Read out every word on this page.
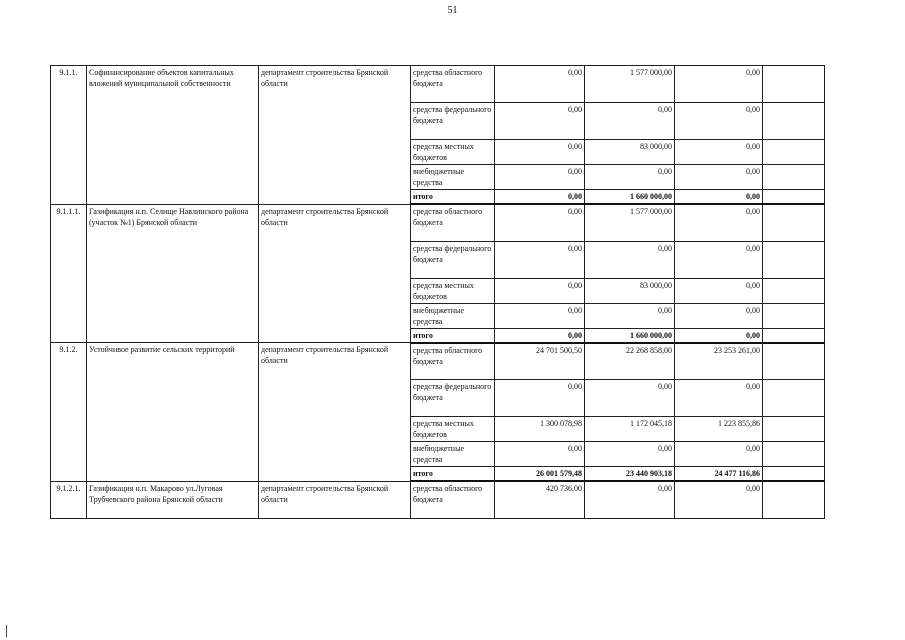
51
9.1.1.	Софинансирование объектов капитальных вложений муниципальной собственности	департамент строительства Брянской области	средства областного бюджета	0,00	1 577 000,00	0,00	
			средства федерального бюджета	0,00	0,00	0,00	
			средства местных бюджетов	0,00	83 000,00	0,00	
			внебюджетные средства	0,00	0,00	0,00	
			итого	0,00	1 660 000,00	0,00	
9.1.1.1.	Газификация н.п. Селище Навлинского района (участок №1) Брянской области	департамент строительства Брянской области	средства областного бюджета	0,00	1 577 000,00	0,00	
			средства федерального бюджета	0,00	0,00	0,00	
			средства местных бюджетов	0,00	83 000,00	0,00	
			внебюджетные средства	0,00	0,00	0,00	
			итого	0,00	1 660 000,00	0,00	
9.1.2.	Устойчивое развитие сельских территорий	департамент строительства Брянской области	средства областного бюджета	24 701 500,50	22 268 858,00	23 253 261,00	
			средства федерального бюджета	0,00	0,00	0,00	
			средства местных бюджетов	1 300 078,98	1 172 045,18	1 223 855,86	
			внебюджетные средства	0,00	0,00	0,00	
			итого	26 001 579,48	23 440 903,18	24 477 116,86	
9.1.2.1.	Газификация н.п. Макарово ул.Луговая Трубчевского района Брянской области	департамент строительства Брянской области	средства областного бюджета	420 736,00	0,00	0,00	
